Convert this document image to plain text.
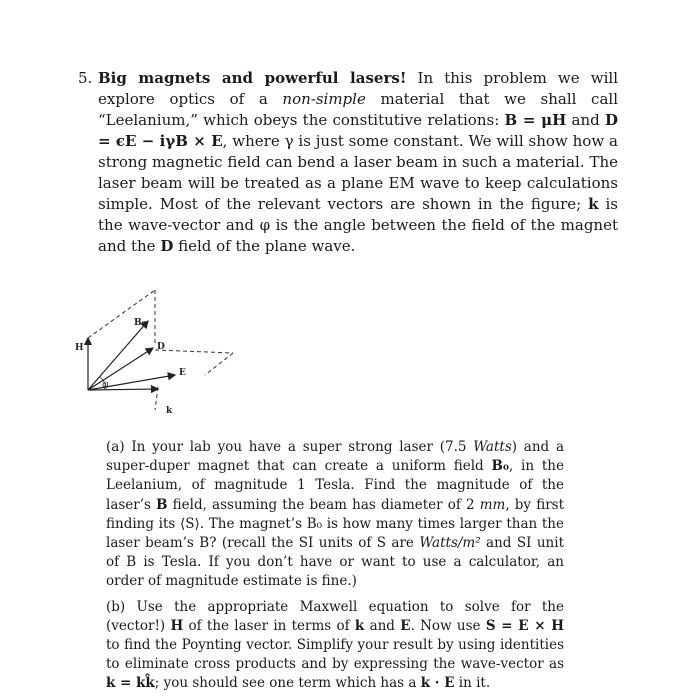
5. Big magnets and powerful lasers! In this problem we will explore optics of a non-simple material that we shall call “Leelanium,” which obeys the constitutive relations: B = μH and D = ϵE − iγB × E, where γ is just some constant. We will show how a strong magnetic field can bend a laser beam in such a material. The laser beam will be treated as a plane EM wave to keep calculations simple. Most of the relevant vectors are shown in the figure; k is the wave-vector and φ is the angle between the field of the magnet and the D field of the plane wave.
H
B₀
D
E
k
φ

(a) In your lab you have a super strong laser (7.5 Watts) and a super-duper magnet that can create a uniform field B₀, in the Leelanium, of magnitude 1 Tesla. Find the magnitude of the laser’s B field, assuming the beam has diameter of 2 mm, by first finding its ⟨S⟩. The magnet’s B₀ is how many times larger than the laser beam’s B? (recall the SI units of S are Watts/m² and SI unit of B is Tesla. If you don’t have or want to use a calculator, an order of magnitude estimate is fine.)

(b) Use the appropriate Maxwell equation to solve for the (vector!) H of the laser in terms of k and E. Now use S = E × H to find the Poynting vector. Simplify your result by using identities to eliminate cross products and by expressing the wave-vector as k = kk̂; you should see one term which has a k · E in it.
